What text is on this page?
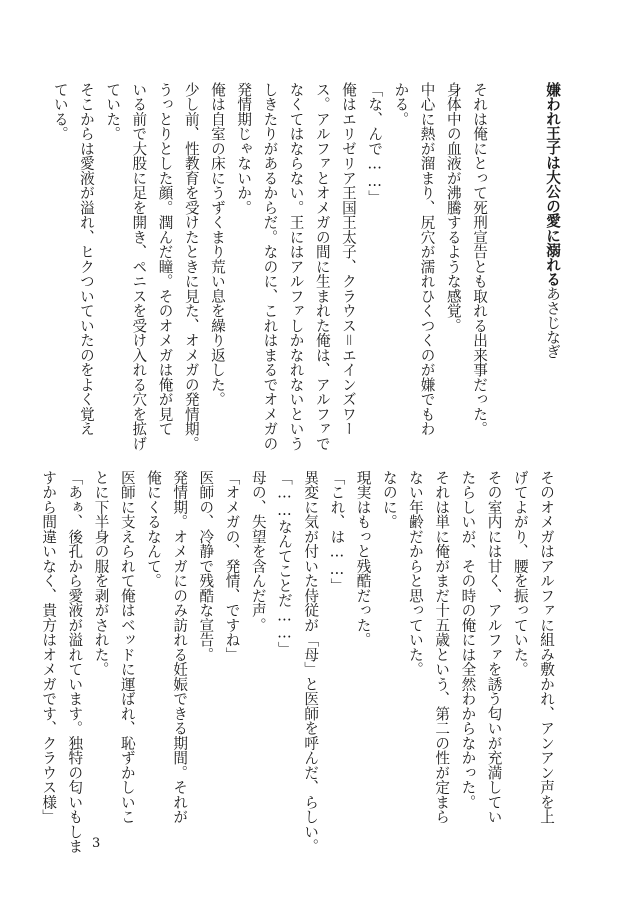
嫌われ王子は大公の愛に溺れるあさじなぎ
それは俺にとって死刑宣告とも取れる出来事だった。
身体中の血液が沸騰するような感覚。
中心に熱が溜まり、尻穴が濡れひくつくのが嫌でもわ
かる。
「な、んで……」
俺はエリゼリア王国王太子、クラウス＝エインズワー
ス。アルファとオメガの間に生まれた俺は、アルファで
なくてはならない。王にはアルファしかなれないという
しきたりがあるからだ。なのに、これはまるでオメガの
発情期じゃないか。
俺は自室の床にうずくまり荒い息を繰り返した。
少し前、性教育を受けたときに見た、オメガの発情期。
うっとりとした顔。潤んだ瞳。そのオメガは俺が見て
いる前で大股に足を開き、ペニスを受け入れる穴を拡げ
ていた。
そこからは愛液が溢れ、ヒクついていたのをよく覚え
ている。
そのオメガはアルファに組み敷かれ、アンアン声を上
げてよがり、腰を振っていた。
その室内には甘く、アルファを誘う匂いが充満してい
たらしいが、その時の俺には全然わからなかった。
それは単に俺がまだ十五歳という、第二の性が定まら
ない年齢だからと思っていた。
なのに。
現実はもっと残酷だった。
「これ、は……」
異変に気が付いた侍従が「母」と医師を呼んだ、らしい。
「……なんてことだ……」
母の、失望を含んだ声。
「オメガの、発情、ですね」
医師の、冷静で残酷な宣告。
発情期。オメガにのみ訪れる妊娠できる期間。それが
俺にくるなんて。
医師に支えられて俺はベッドに運ばれ、恥ずかしいこ
とに下半身の服を剥がされた。
「あぁ、後孔から愛液が溢れています。独特の匂いもしま
すから間違いなく、貴方はオメガです、クラウス様」
3
